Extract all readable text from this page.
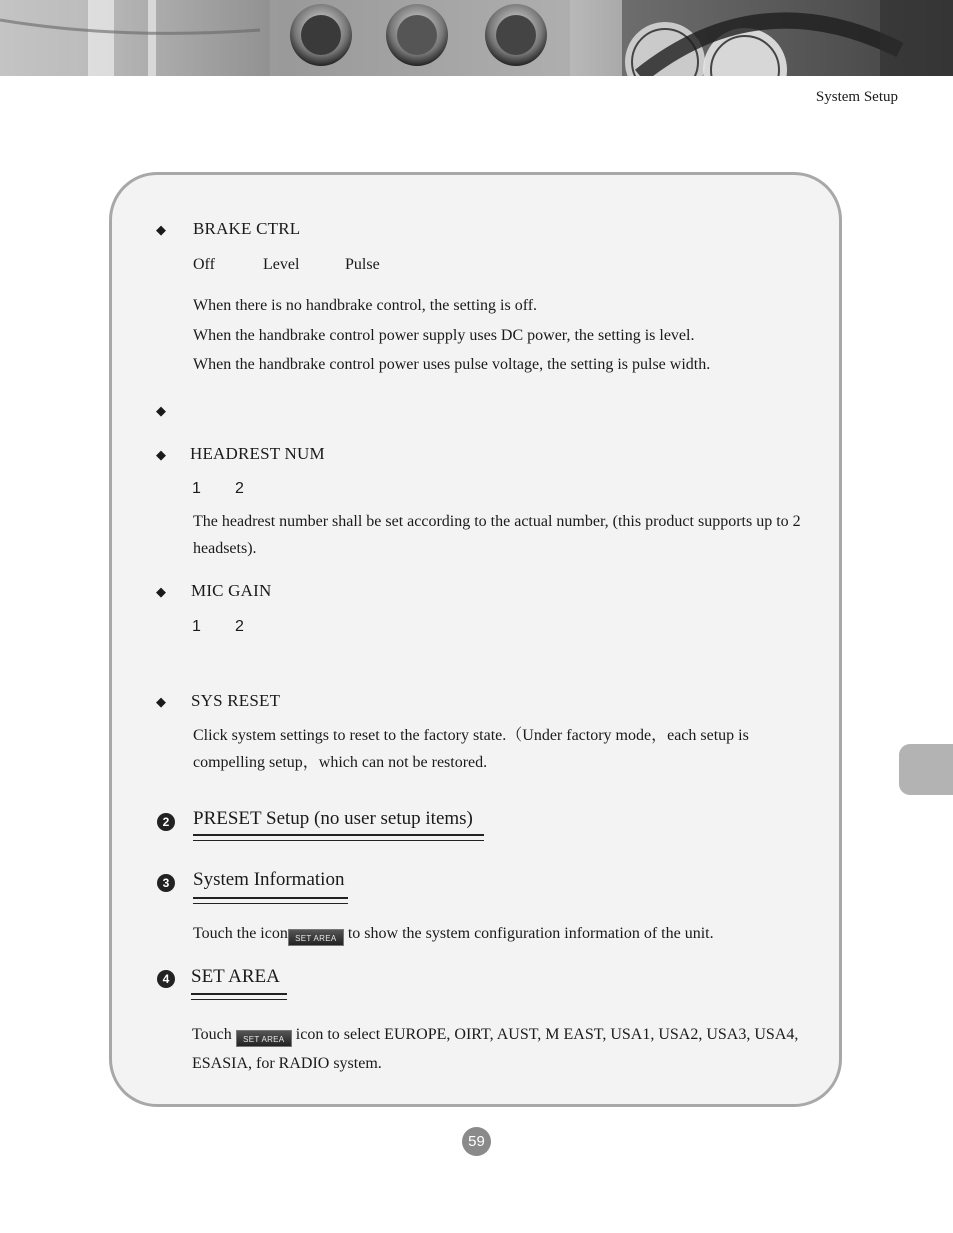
System Setup
◆ BRAKE CTRL
Off	Level	Pulse
When there is no handbrake control, the setting is off.
When the handbrake control power supply uses DC power, the setting is level.
When the handbrake control power uses pulse voltage, the setting is pulse width.
◆
◆ HEADREST NUM
1 2
The headrest number shall be set according to the actual number, (this product supports up to 2 headsets).
◆ MIC GAIN
1 2
◆ SYS RESET
Click system settings to reset to the factory state.（Under factory mode，each setup is compelling setup，which can not be restored.
2 PRESET Setup (no user setup items)
3 System Information
Touch the icon SET AREA to show the system configuration information of the unit.
4 SET AREA
Touch SET AREA icon to select EUROPE, OIRT, AUST, M EAST, USA1, USA2, USA3, USA4, ESASIA, for RADIO system.
59
